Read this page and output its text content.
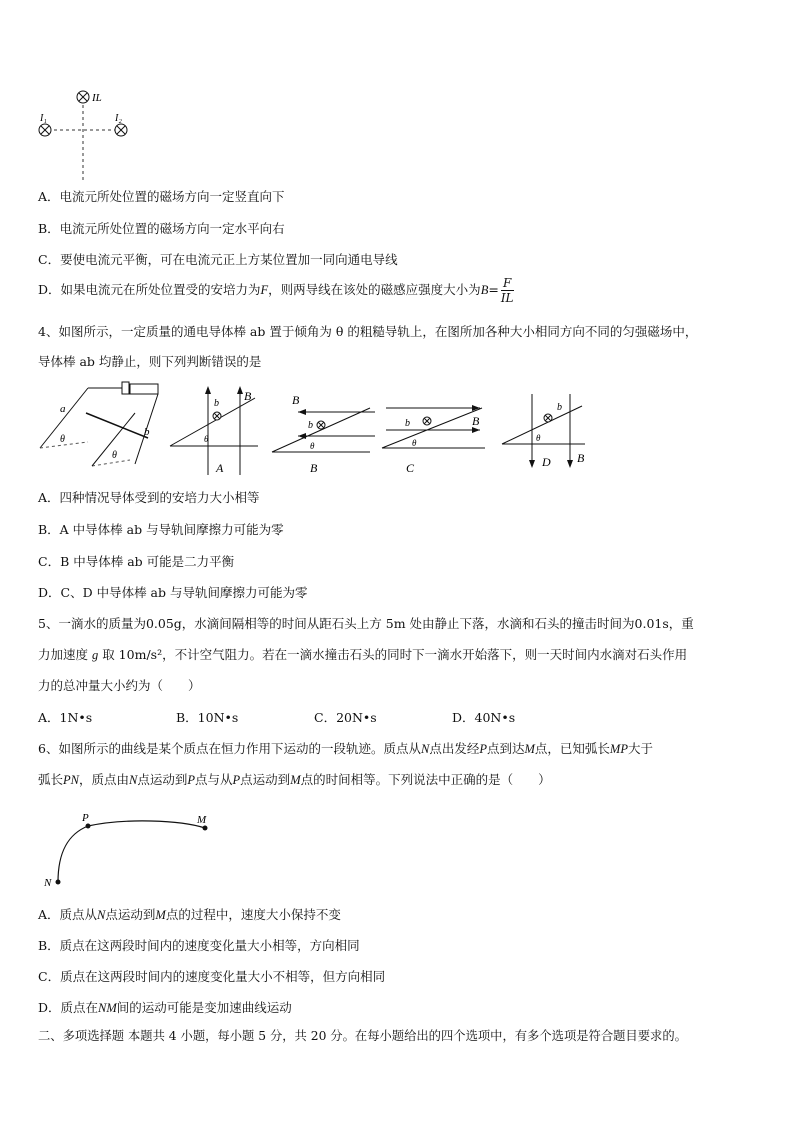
IL
I₁	I₂
A．电流元所处位置的磁场方向一定竖直向下
B．电流元所处位置的磁场方向一定水平向右
C．要使电流元平衡，可在电流元正上方某位置加一同向通电导线
D．如果电流元在所处位置受的安培力为F，则两导线在该处的磁感应强度大小为$B= \frac{F}{IL}$
4、如图所示，一定质量的通电导体棒 ab 置于倾角为 θ 的粗糙导轨上，在图所加各种大小相同方向不同的匀强磁场中，
导体棒 ab 均静止，则下列判断错误的是
a
b
θ
θ
b
B
θ
A
b
B
θ
B
b	B
θ
C
b
B
θ
D
A．四种情况导体受到的安培力大小相等
B．A 中导体棒 ab 与导轨间摩擦力可能为零
C．B 中导体棒 ab 可能是二力平衡
D．C、D 中导体棒 ab 与导轨间摩擦力可能为零
5、一滴水的质量为0.05g，水滴间隔相等的时间从距石头上方 5m 处由静止下落，水滴和石头的撞击时间为0.01s，重
力加速度 g 取 10m/s²，不计空气阻力。若在一滴水撞击石头的同时下一滴水开始落下，则一天时间内水滴对石头作用
力的总冲量大小约为（　　）
A．1N•s	B．10N•s	C．20N•s	D．40N•s
6、如图所示的曲线是某个质点在恒力作用下运动的一段轨迹。质点从N点出发经P点到达M点，已知弧长MP大于
弧长PN，质点由N点运动到P点与从P点运动到M点的时间相等。下列说法中正确的是（　　）
N
P	M
A．质点从N点运动到M点的过程中，速度大小保持不变
B．质点在这两段时间内的速度变化量大小相等，方向相同
C．质点在这两段时间内的速度变化量大小不相等，但方向相同
D．质点在NM间的运动可能是变加速曲线运动
二、多项选择题 本题共 4 小题，每小题 5 分，共 20 分。在每小题给出的四个选项中，有多个选项是符合题目要求的。
